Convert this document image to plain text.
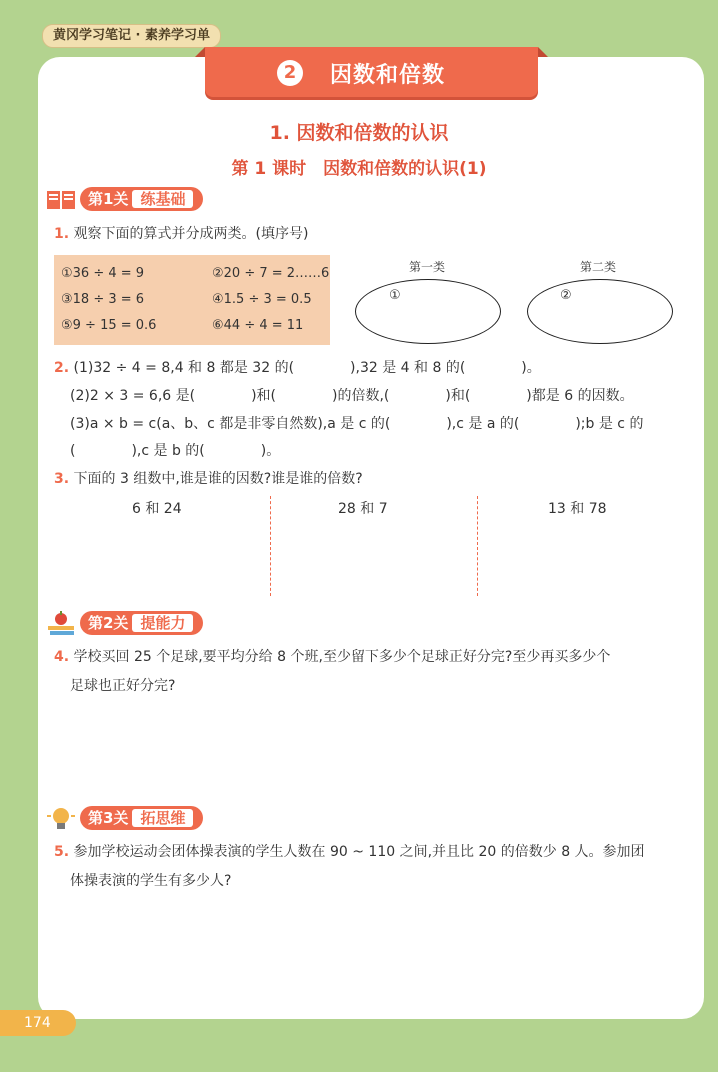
黄冈学习笔记 · 素养学习单
2	因数和倍数
1. 因数和倍数的认识
第 1 课时　因数和倍数的认识(1)
第1关 练基础
1. 观察下面的算式并分成两类。(填序号)
①36 ÷ 4 = 9	②20 ÷ 7 = 2……6
③18 ÷ 3 = 6	④1.5 ÷ 3 = 0.5
⑤9 ÷ 15 = 0.6	⑥44 ÷ 4 = 11
第一类	第二类
①	②
2. (1)32 ÷ 4 = 8,4 和 8 都是 32 的(　　　　),32 是 4 和 8 的(　　　　)。
(2)2 × 3 = 6,6 是(　　　　)和(　　　　)的倍数,(　　　　)和(　　　　)都是 6 的因数。
(3)a × b = c(a、b、c 都是非零自然数),a 是 c 的(　　　　),c 是 a 的(　　　　);b 是 c 的
(　　　　),c 是 b 的(　　　　)。
3. 下面的 3 组数中,谁是谁的因数?谁是谁的倍数?
6 和 24	28 和 7	13 和 78
第2关 提能力
4. 学校买回 25 个足球,要平均分给 8 个班,至少留下多少个足球正好分完?至少再买多少个
足球也正好分完?
第3关 拓思维
5. 参加学校运动会团体操表演的学生人数在 90 ~ 110 之间,并且比 20 的倍数少 8 人。参加团
体操表演的学生有多少人?
174
